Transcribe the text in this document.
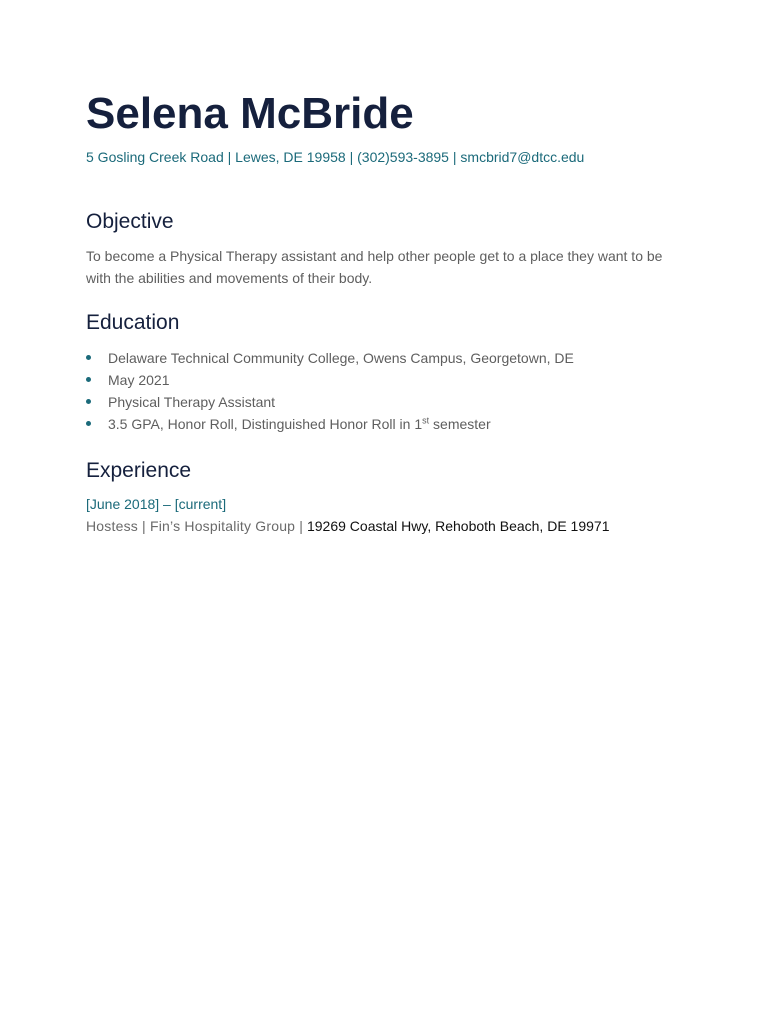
Selena McBride
5 Gosling Creek Road | Lewes, DE 19958 | (302)593-3895 | smcbrid7@dtcc.edu
Objective
To become a Physical Therapy assistant and help other people get to a place they want to be with the abilities and movements of their body.
Education
Delaware Technical Community College, Owens Campus, Georgetown, DE
May 2021
Physical Therapy Assistant
3.5 GPA, Honor Roll, Distinguished Honor Roll in 1st semester
Experience
[June 2018] – [current]
Hostess | Fin’s Hospitality Group | 19269 Coastal Hwy, Rehoboth Beach, DE 19971
